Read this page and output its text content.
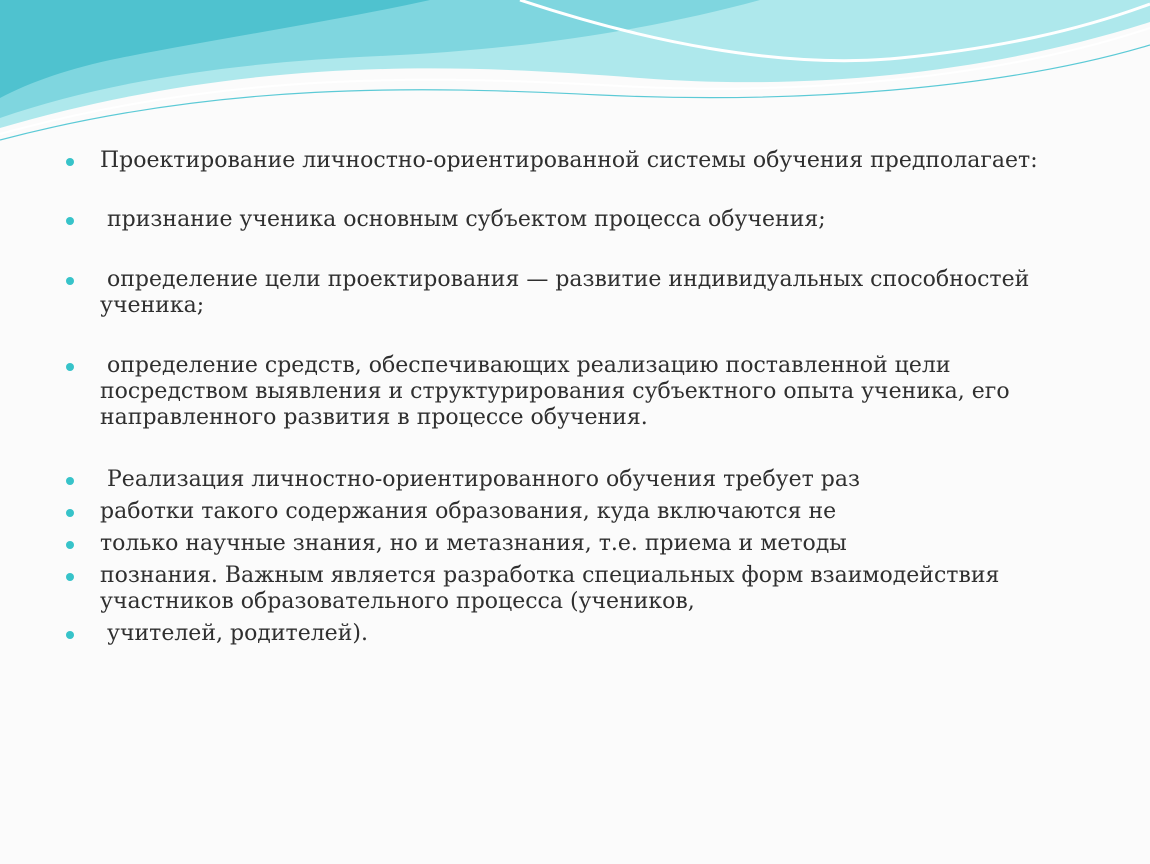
Проектирование личностно-ориентированной системы обучения предполагает:
признание ученика основным субъектом процесса обучения;
определение цели проектирования — развитие индивидуальных способностей
ученика;
определение средств, обеспечивающих реализацию поставленной цели
посредством выявления и структурирования субъектного опыта ученика, его
направленного развития в процессе обучения.
Реализация личностно-ориентированного обучения требует раз
работки такого содержания образования, куда включаются не
только научные знания, но и метазнания, т.е. приема и методы
познания. Важным является разработка специальных форм взаимодействия
участников образовательного процесса (учеников,
учителей, родителей).
